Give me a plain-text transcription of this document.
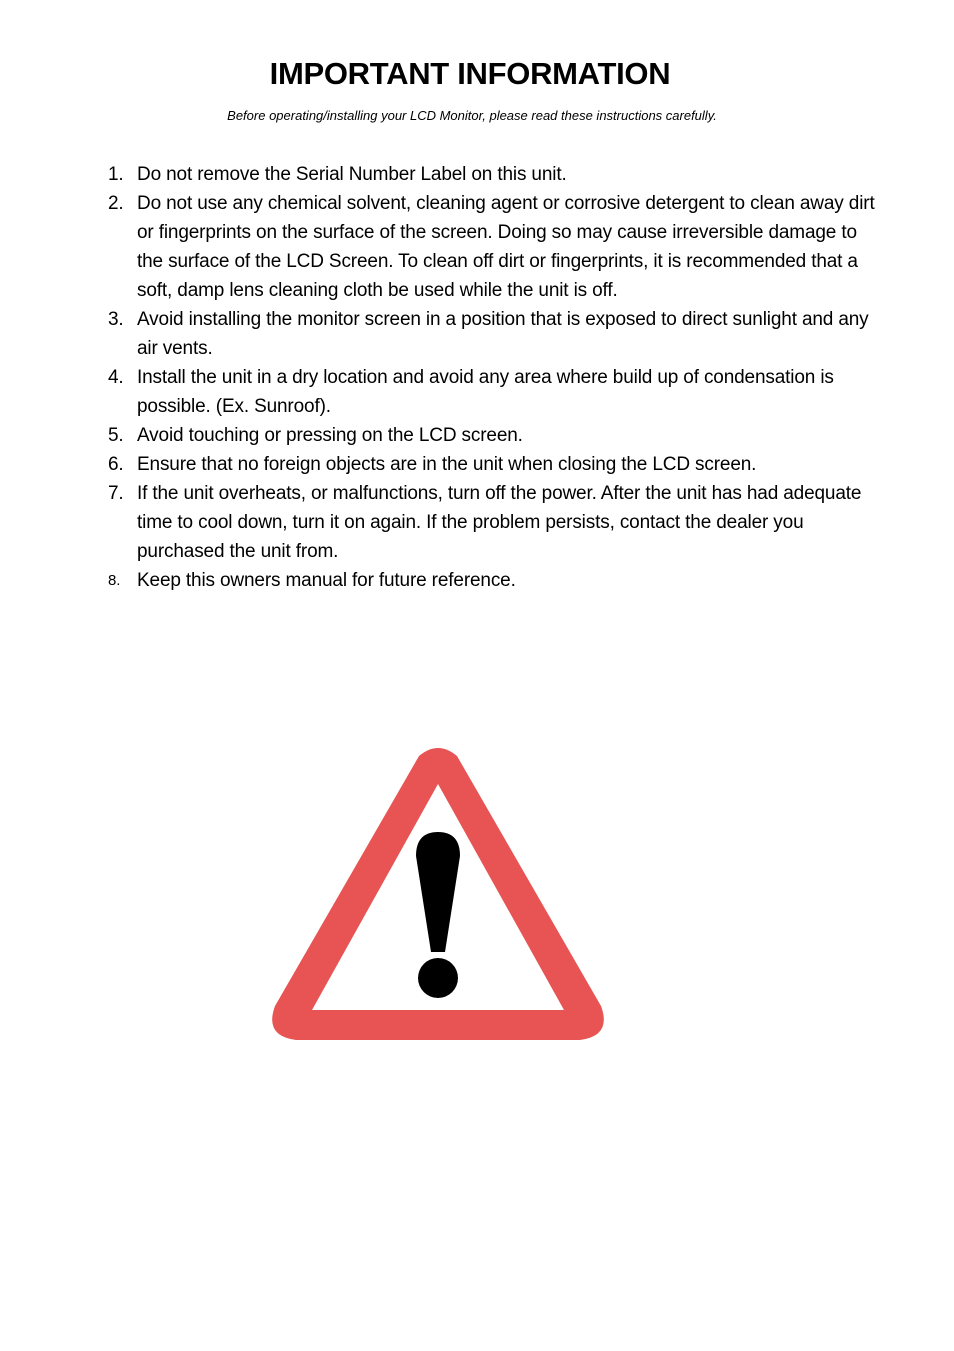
IMPORTANT INFORMATION
Before operating/installing your LCD Monitor, please read these instructions carefully.
1. Do not remove the Serial Number Label on this unit.
2. Do not use any chemical solvent, cleaning agent or corrosive detergent to clean away dirt or fingerprints on the surface of the screen. Doing so may cause irreversible damage to the surface of the LCD Screen. To clean off dirt or fingerprints, it is recommended that a soft, damp lens cleaning cloth be used while the unit is off.
3. Avoid installing the monitor screen in a position that is exposed to direct sunlight and any air vents.
4. Install the unit in a dry location and avoid any area where build up of condensation is possible. (Ex. Sunroof).
5. Avoid touching or pressing on the LCD screen.
6. Ensure that no foreign objects are in the unit when closing the LCD screen.
7. If the unit overheats, or malfunctions, turn off the power. After the unit has had adequate time to cool down, turn it on again. If the problem persists, contact the dealer you purchased the unit from.
8. Keep this owners manual for future reference.
